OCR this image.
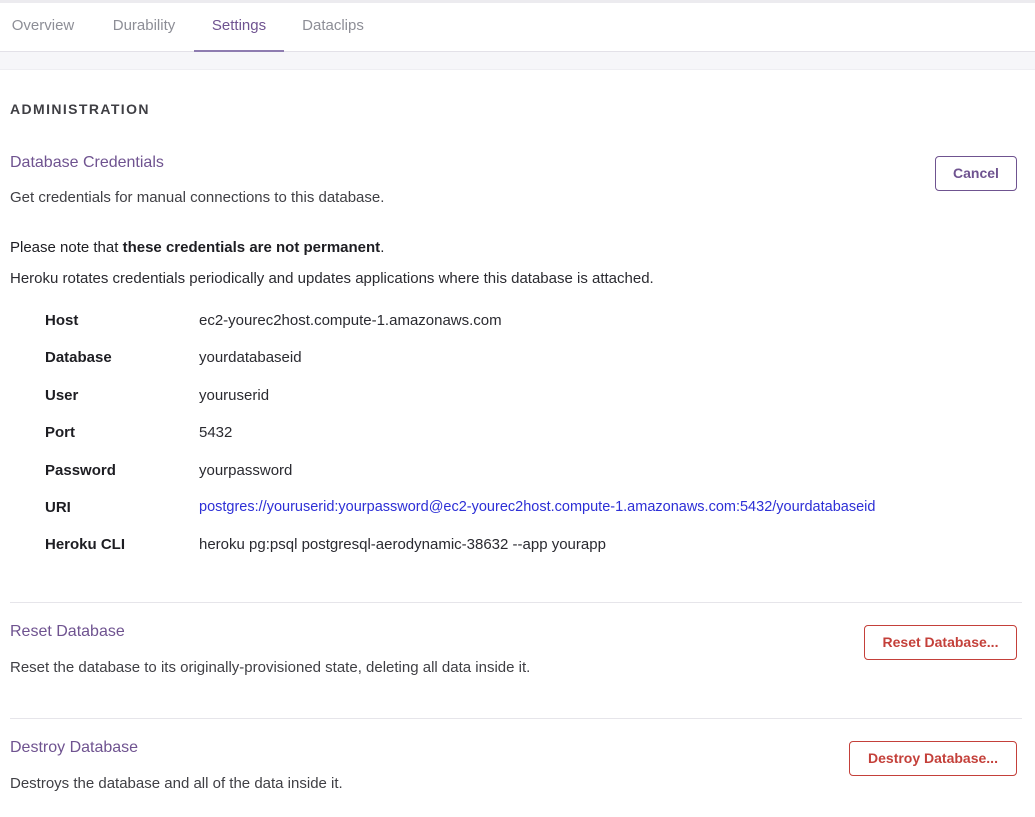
Overview	Durability	Settings	Dataclips
ADMINISTRATION
Database Credentials
Get credentials for manual connections to this database.
Cancel
Please note that these credentials are not permanent.
Heroku rotates credentials periodically and updates applications where this database is attached.
Host	ec2-yourec2host.compute-1.amazonaws.com
Database	yourdatabaseid
User	youruserid
Port	5432
Password	yourpassword
URI	postgres://youruserid:yourpassword@ec2-yourec2host.compute-1.amazonaws.com:5432/yourdatabaseid
Heroku CLI	heroku pg:psql postgresql-aerodynamic-38632 --app yourapp
Reset Database
Reset the database to its originally-provisioned state, deleting all data inside it.
Reset Database...
Destroy Database
Destroys the database and all of the data inside it.
Destroy Database...
